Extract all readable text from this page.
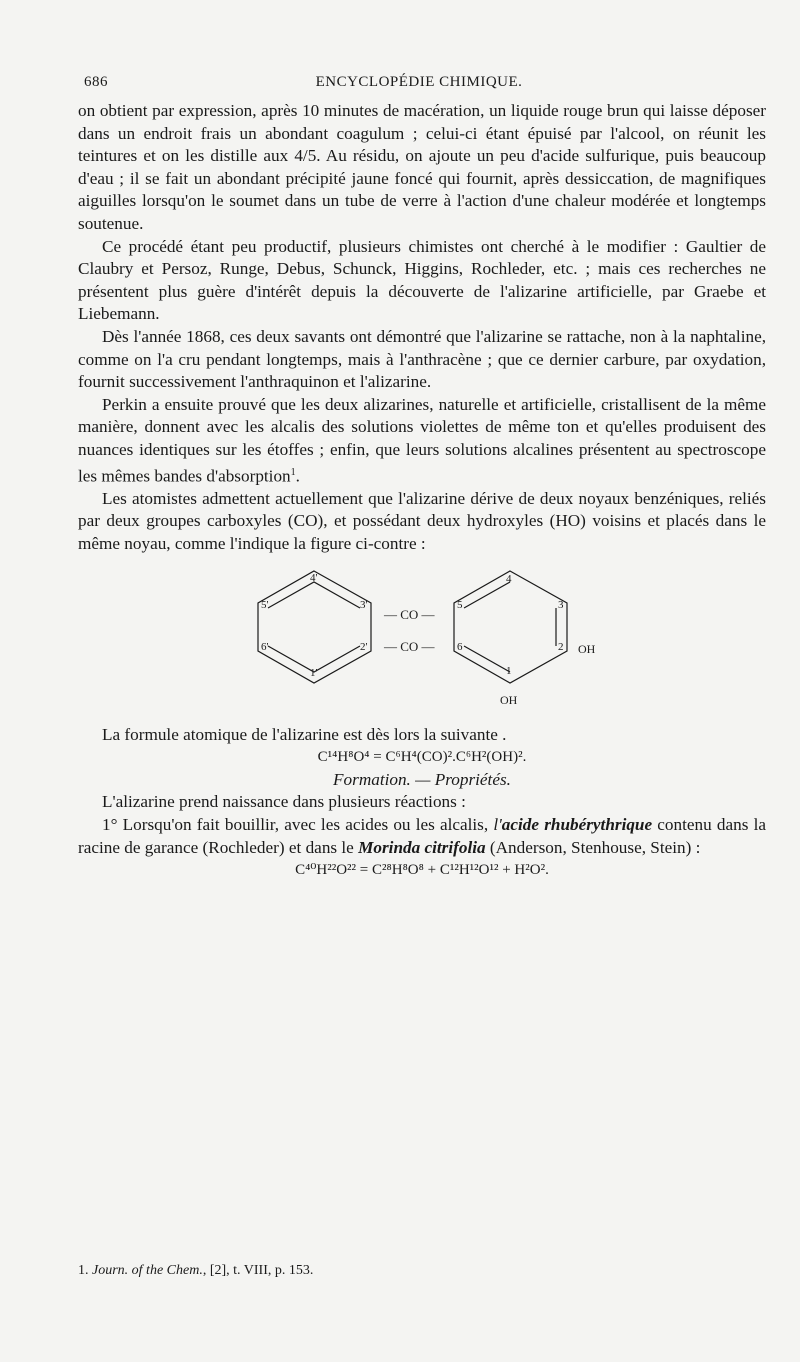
686	ENCYCLOPÉDIE CHIMIQUE.

on obtient par expression, après 10 minutes de macération, un liquide rouge brun qui laisse déposer dans un endroit frais un abondant coagulum ; celui-ci étant épuisé par l'alcool, on réunit les teintures et on les distille aux 4/5. Au résidu, on ajoute un peu d'acide sulfurique, puis beaucoup d'eau ; il se fait un abondant précipité jaune foncé qui fournit, après dessiccation, de magnifiques aiguilles lorsqu'on le soumet dans un tube de verre à l'action d'une chaleur modérée et longtemps soutenue.

Ce procédé étant peu productif, plusieurs chimistes ont cherché à le modifier : Gaultier de Claubry et Persoz, Runge, Debus, Schunck, Higgins, Rochleder, etc. ; mais ces recherches ne présentent plus guère d'intérêt depuis la découverte de l'alizarine artificielle, par Graebe et Liebemann.

Dès l'année 1868, ces deux savants ont démontré que l'alizarine se rattache, non à la naphtaline, comme on l'a cru pendant longtemps, mais à l'anthracène ; que ce dernier carbure, par oxydation, fournit successivement l'anthraquinon et l'alizarine.

Perkin a ensuite prouvé que les deux alizarines, naturelle et artificielle, cristallisent de la même manière, donnent avec les alcalis des solutions violettes de même ton et qu'elles produisent des nuances identiques sur les étoffes ; enfin, que leurs solutions alcalines présentent au spectroscope les mêmes bandes d'absorption$^1$.

Les atomistes admettent actuellement que l'alizarine dérive de deux noyaux benzéniques, reliés par deux groupes carboxyles (CO), et possédant deux hydroxyles (HO) voisins et placés dans le même noyau, comme l'indique la figure ci-contre :

4'
5'	3'
6'	2'
1'
— CO —
— CO —
4
5	3
6	2
1
OH
OH

La formule atomique de l'alizarine est dès lors la suivante .

C¹⁴H⁸O⁴ = C⁶H⁴(CO)².C⁶H²(OH)².

Formation. — Propriétés.

L'alizarine prend naissance dans plusieurs réactions :

1° Lorsqu'on fait bouillir, avec les acides ou les alcalis, l'acide rhubérythrique contenu dans la racine de garance (Rochleder) et dans le Morinda citrifolia (Anderson, Stenhouse, Stein) :

C⁴⁰H²²O²² = C²⁸H⁸O⁸ + C¹²H¹²O¹² + H²O².

1. Journ. of the Chem., [2], t. VIII, p. 153.
